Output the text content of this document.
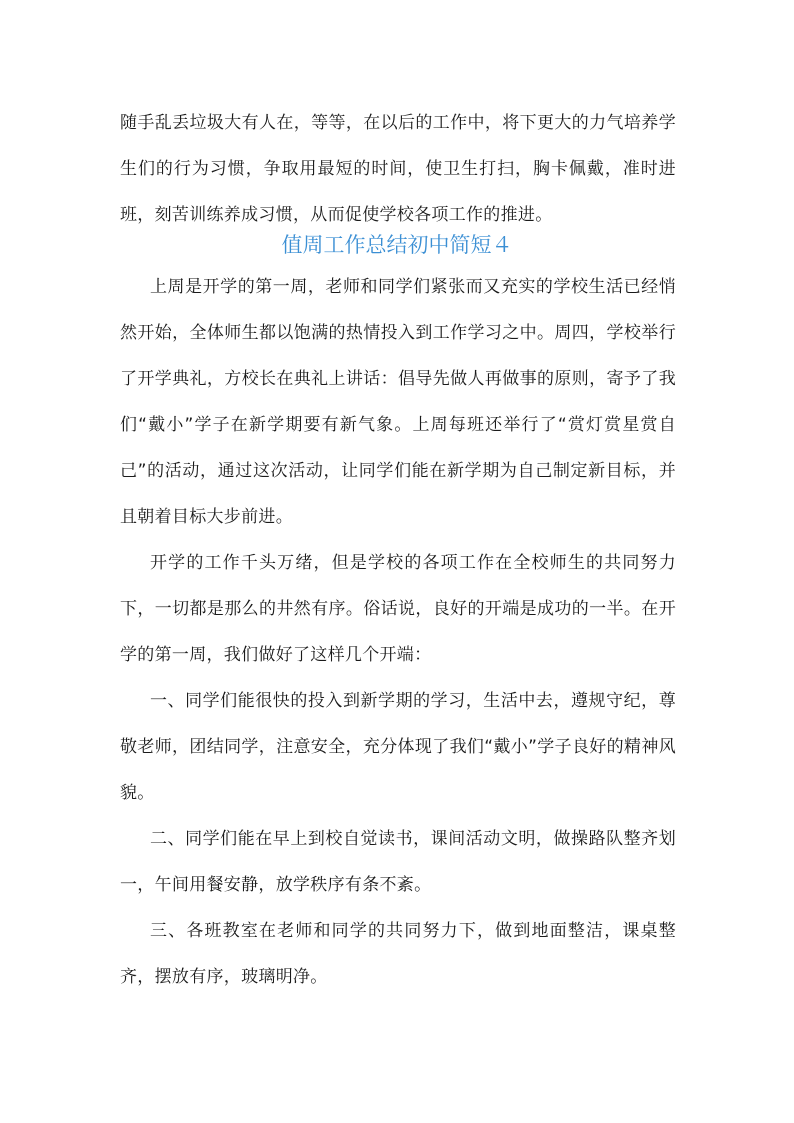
随手乱丢垃圾大有人在，等等，在以后的工作中，将下更大的力气培养学生们的行为习惯，争取用最短的时间，使卫生打扫，胸卡佩戴，准时进班，刻苦训练养成习惯，从而促使学校各项工作的推进。

值周工作总结初中简短４

上周是开学的第一周，老师和同学们紧张而又充实的学校生活已经悄然开始，全体师生都以饱满的热情投入到工作学习之中。周四，学校举行了开学典礼，方校长在典礼上讲话：倡导先做人再做事的原则，寄予了我们“戴小”学子在新学期要有新气象。上周每班还举行了“赏灯赏星赏自己”的活动，通过这次活动，让同学们能在新学期为自己制定新目标，并且朝着目标大步前进。

开学的工作千头万绪，但是学校的各项工作在全校师生的共同努力下，一切都是那么的井然有序。俗话说，良好的开端是成功的一半。在开学的第一周，我们做好了这样几个开端：

一、同学们能很快的投入到新学期的学习，生活中去，遵规守纪，尊敬老师，团结同学，注意安全，充分体现了我们“戴小”学子良好的精神风貌。

二、同学们能在早上到校自觉读书，课间活动文明，做操路队整齐划一，午间用餐安静，放学秩序有条不紊。

三、各班教室在老师和同学的共同努力下，做到地面整洁，课桌整齐，摆放有序，玻璃明净。
